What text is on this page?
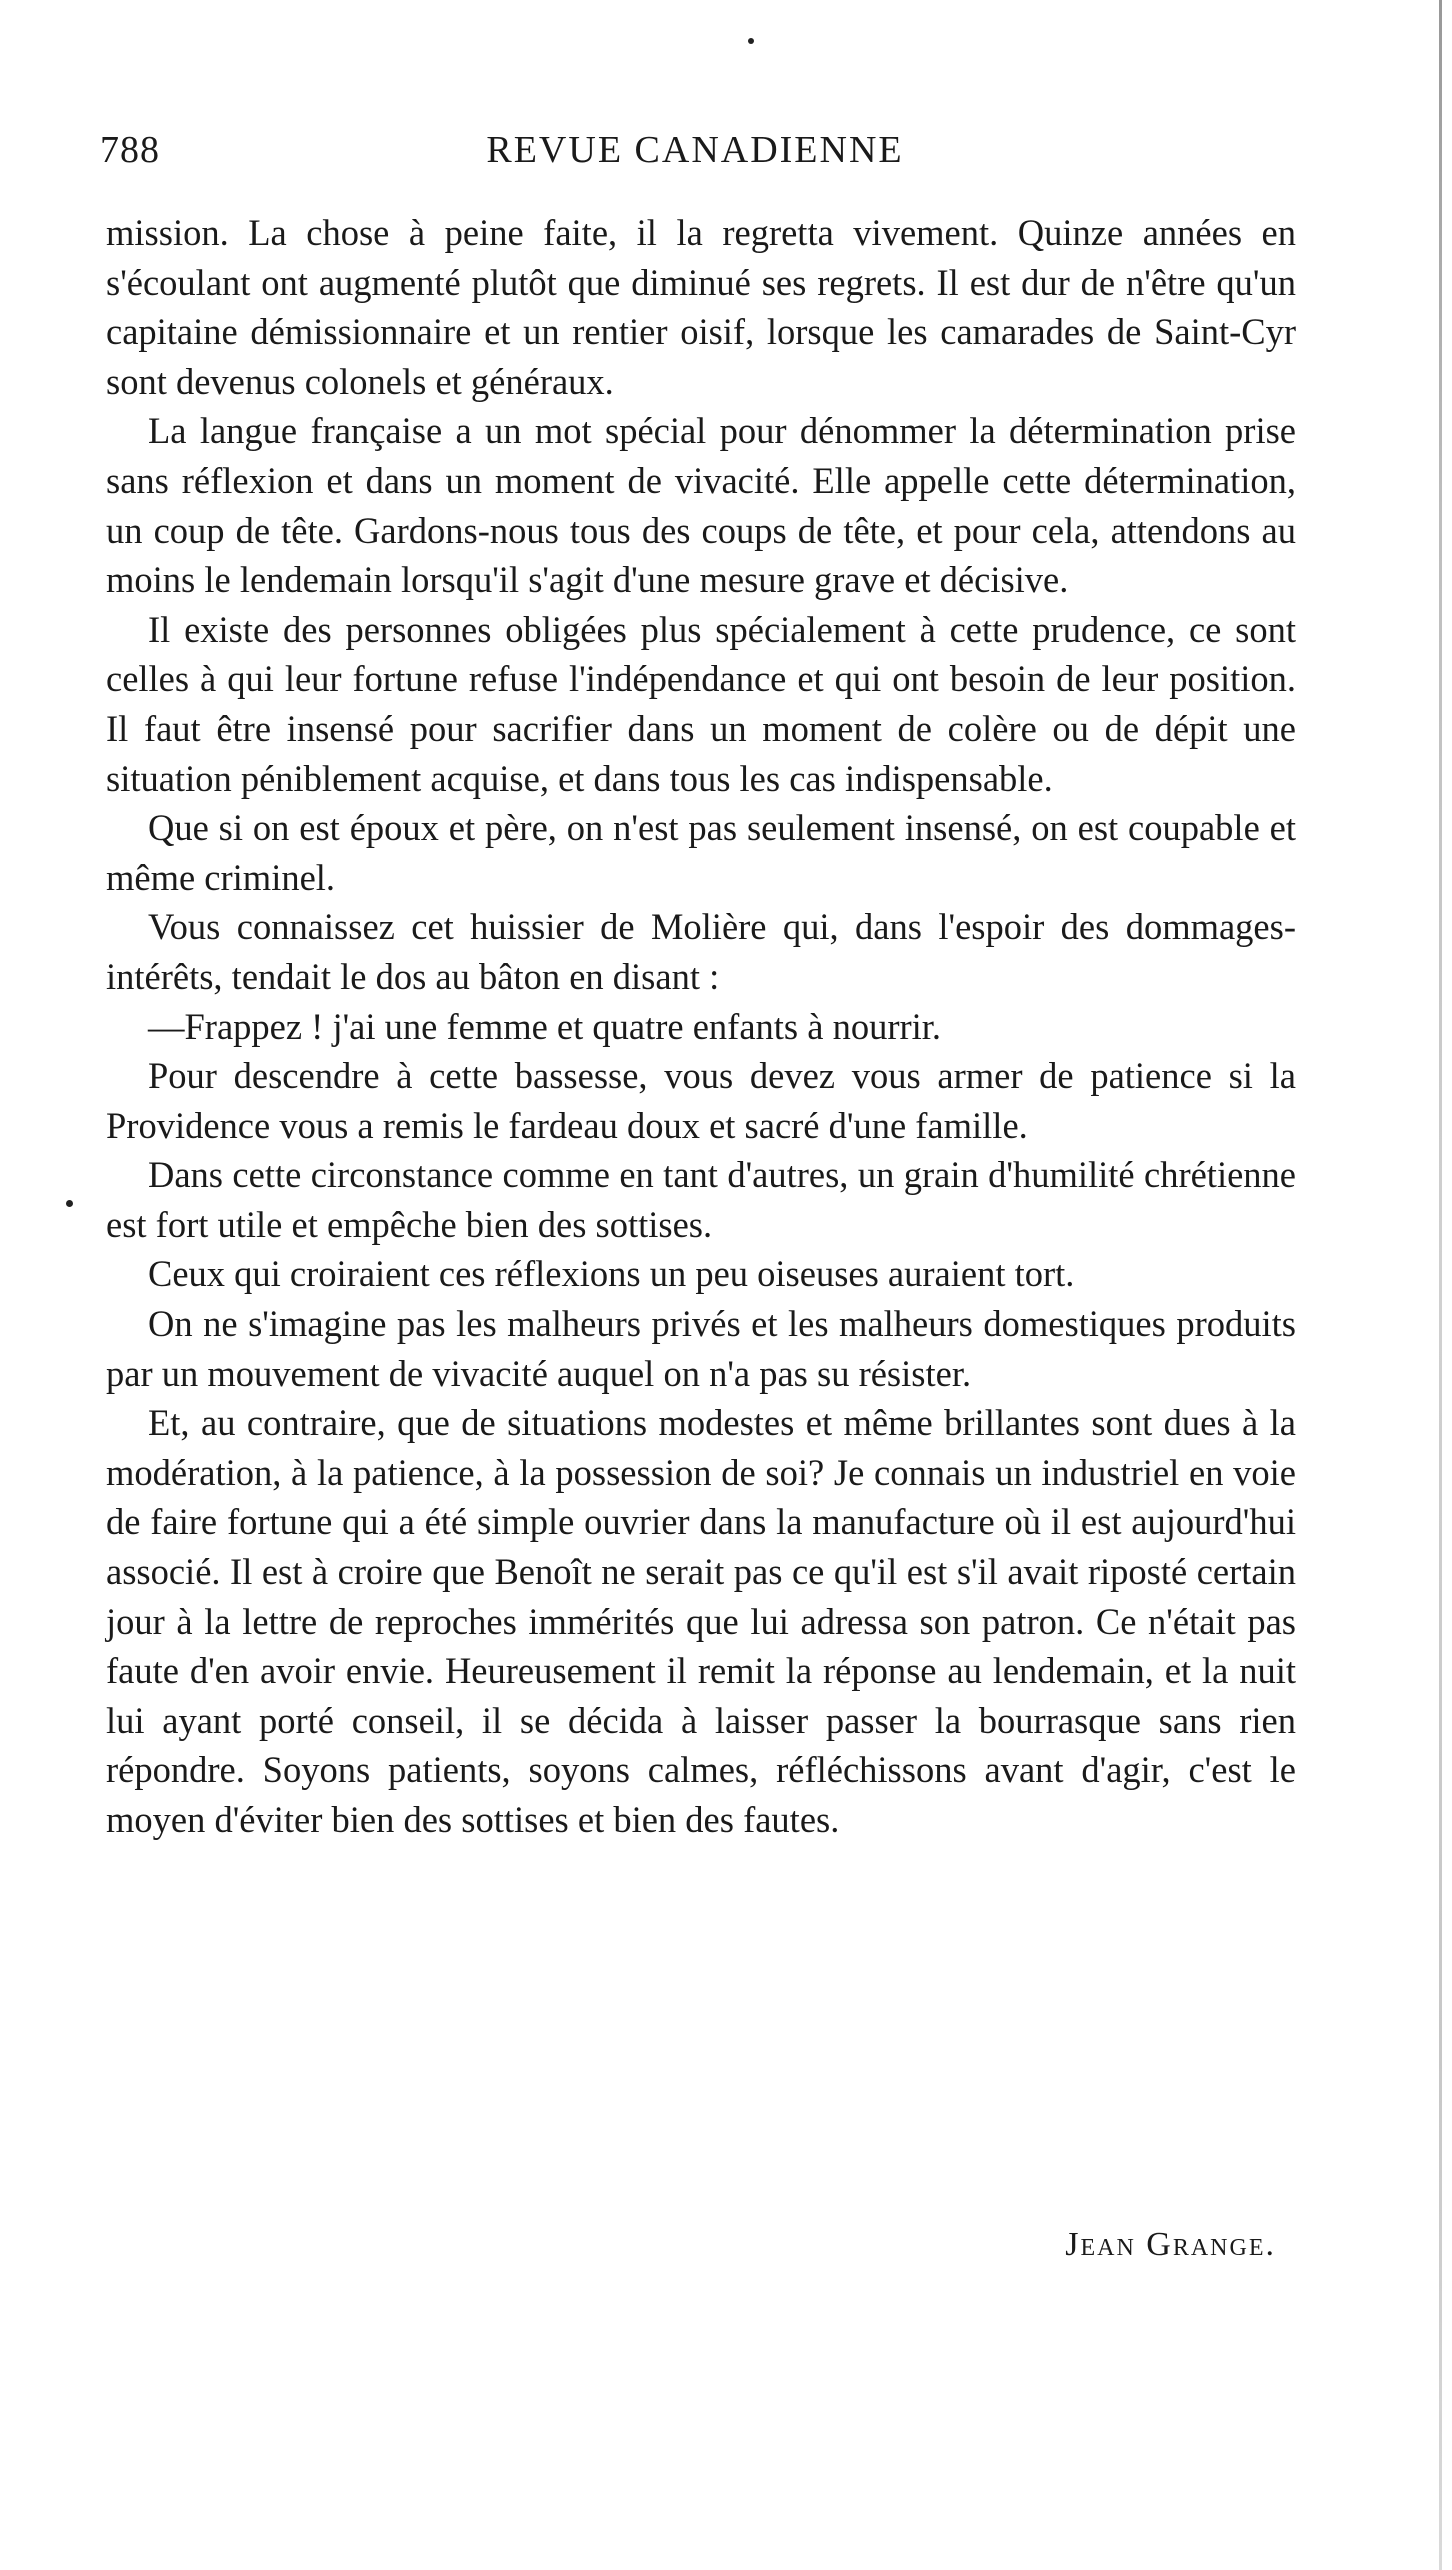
788	REVUE CANADIENNE

mission. La chose à peine faite, il la regretta vivement. Quinze années en s'écoulant ont augmenté plutôt que diminué ses regrets. Il est dur de n'être qu'un capitaine démissionnaire et un rentier oisif, lorsque les camarades de Saint-Cyr sont devenus colonels et généraux.

La langue française a un mot spécial pour dénommer la détermination prise sans réflexion et dans un moment de vivacité. Elle appelle cette détermination, un coup de tête. Gardons-nous tous des coups de tête, et pour cela, attendons au moins le lendemain lorsqu'il s'agit d'une mesure grave et décisive.

Il existe des personnes obligées plus spécialement à cette prudence, ce sont celles à qui leur fortune refuse l'indépendance et qui ont besoin de leur position. Il faut être insensé pour sacrifier dans un moment de colère ou de dépit une situation péniblement acquise, et dans tous les cas indispensable.

Que si on est époux et père, on n'est pas seulement insensé, on est coupable et même criminel.

Vous connaissez cet huissier de Molière qui, dans l'espoir des dommages-intérêts, tendait le dos au bâton en disant :

—Frappez ! j'ai une femme et quatre enfants à nourrir.

Pour descendre à cette bassesse, vous devez vous armer de patience si la Providence vous a remis le fardeau doux et sacré d'une famille.

Dans cette circonstance comme en tant d'autres, un grain d'humilité chrétienne est fort utile et empêche bien des sottises.

Ceux qui croiraient ces réflexions un peu oiseuses auraient tort.

On ne s'imagine pas les malheurs privés et les malheurs domestiques produits par un mouvement de vivacité auquel on n'a pas su résister.

Et, au contraire, que de situations modestes et même brillantes sont dues à la modération, à la patience, à la possession de soi? Je connais un industriel en voie de faire fortune qui a été simple ouvrier dans la manufacture où il est aujourd'hui associé. Il est à croire que Benoît ne serait pas ce qu'il est s'il avait riposté certain jour à la lettre de reproches immérités que lui adressa son patron. Ce n'était pas faute d'en avoir envie. Heureusement il remit la réponse au lendemain, et la nuit lui ayant porté conseil, il se décida à laisser passer la bourrasque sans rien répondre. Soyons patients, soyons calmes, réfléchissons avant d'agir, c'est le moyen d'éviter bien des sottises et bien des fautes.

Jean Grange.
